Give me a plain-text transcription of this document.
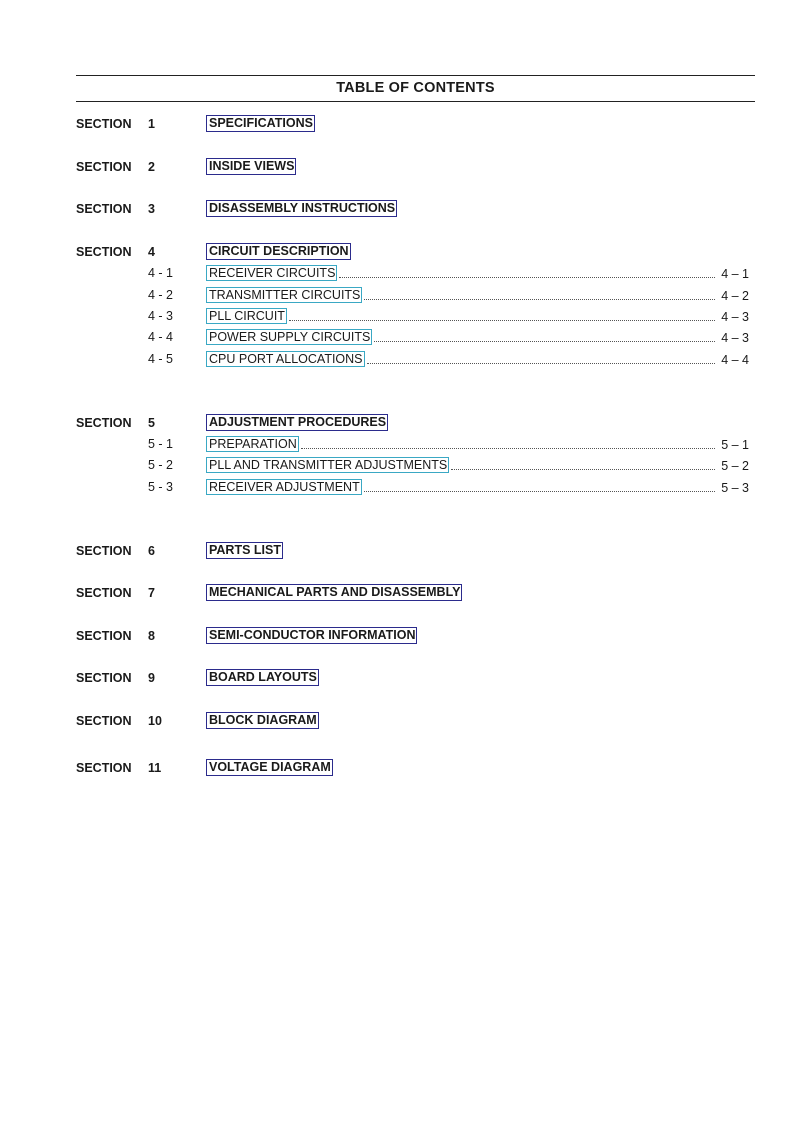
TABLE OF CONTENTS
SECTION 1	SPECIFICATIONS
SECTION 2	INSIDE VIEWS
SECTION 3	DISASSEMBLY INSTRUCTIONS
SECTION 4	CIRCUIT DESCRIPTION
4 - 1	RECEIVER CIRCUITS	4 – 1
4 - 2	TRANSMITTER CIRCUITS	4 – 2
4 - 3	PLL CIRCUIT	4 – 3
4 - 4	POWER SUPPLY CIRCUITS	4 – 3
4 - 5	CPU PORT ALLOCATIONS	4 – 4
SECTION 5	ADJUSTMENT PROCEDURES
5 - 1	PREPARATION	5 – 1
5 - 2	PLL AND TRANSMITTER ADJUSTMENTS	5 – 2
5 - 3	RECEIVER ADJUSTMENT	5 – 3
SECTION 6	PARTS LIST
SECTION 7	MECHANICAL PARTS AND DISASSEMBLY
SECTION 8	SEMI-CONDUCTOR INFORMATION
SECTION 9	BOARD LAYOUTS
SECTION 10	BLOCK DIAGRAM
SECTION 11	VOLTAGE DIAGRAM
